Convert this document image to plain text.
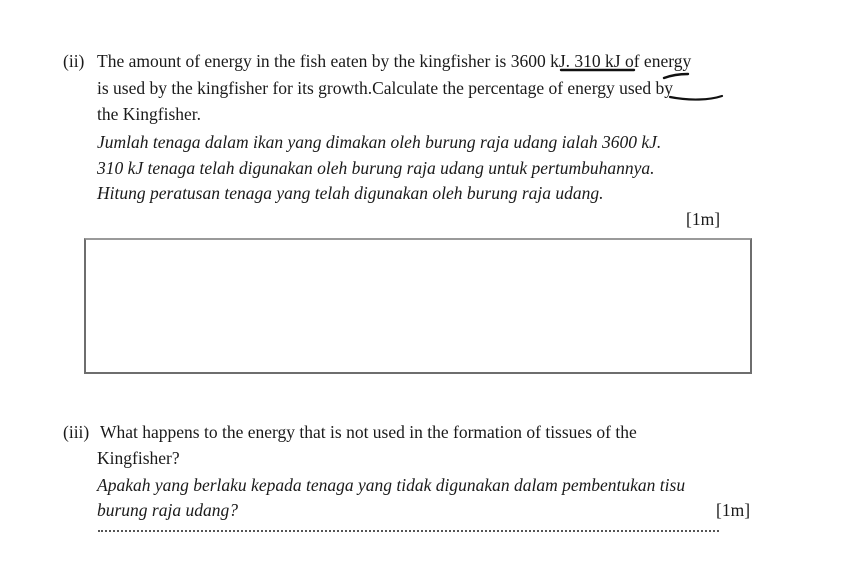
(ii) The amount of energy in the fish eaten by the kingfisher is 3600 kJ. 310 kJ of energy
is used by the kingfisher for its growth.Calculate the percentage of energy used by
the Kingfisher.
Jumlah tenaga dalam ikan yang dimakan oleh burung raja udang ialah 3600 kJ.
310 kJ tenaga telah digunakan oleh burung raja udang untuk pertumbuhannya.
Hitung peratusan tenaga yang telah digunakan oleh burung raja udang.
[1m]
(iii) What happens to the energy that is not used in the formation of tissues of the
Kingfisher?
Apakah yang berlaku kepada tenaga yang tidak digunakan dalam pembentukan tisu
burung raja udang?	[1m]
